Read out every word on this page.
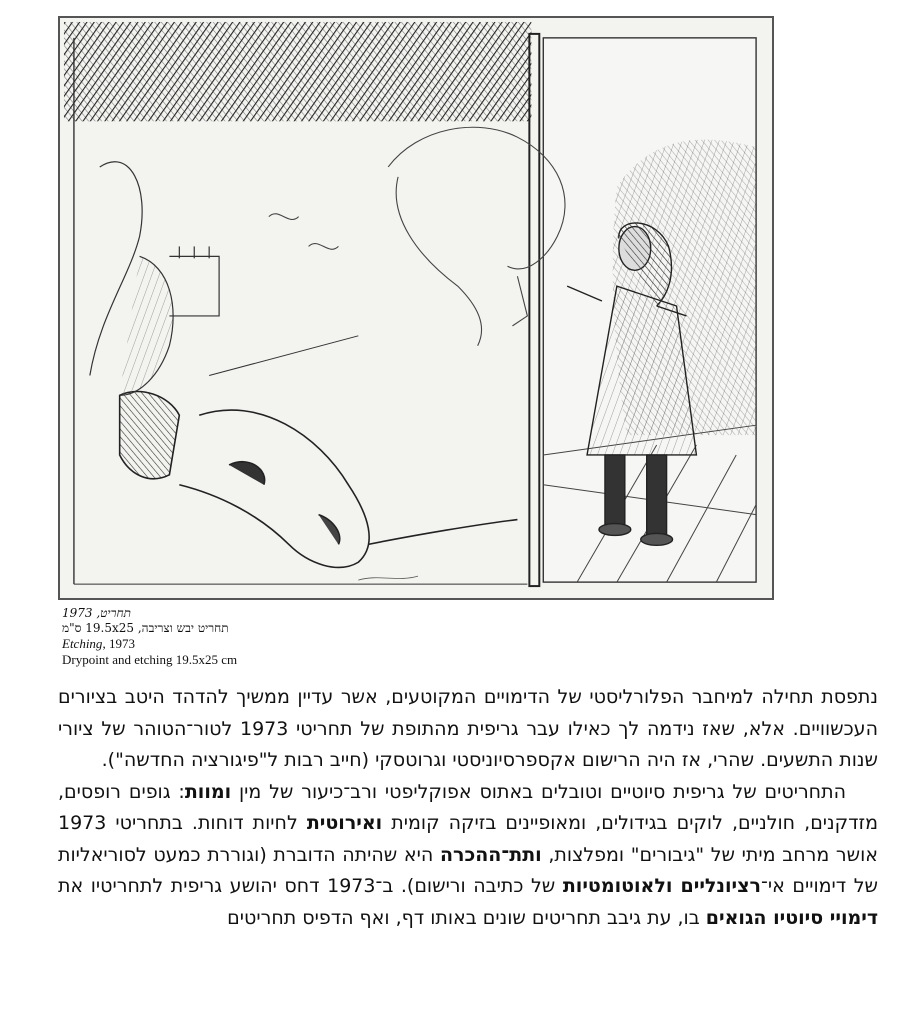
תחריט, 1973
תחריט יבש וצריבה, 19.5x25 ס"מ
Etching, 1973
Drypoint and etching 19.5x25 cm

נתפסת תחילה למיחבר הפלורליסטי של הדימויים המקוטעים, אשר עדיין ממשיך להדהד היטב בציורים העכשוויים. אלא, שאז נידמה לך כאילו עבר גריפית מהתופת של תחריטי 1973 לטור־הטוהר של ציורי שנות התשעים. שהרי, אז היה הרישום אקספרסיוניסטי וגרוטסקי (חייב רבות ל"פיגורציה החדשה").

התחריטים של גריפית סיוטיים וטובלים באתוס אפוקליפטי ורב־כיעור של מין ומוות: גופים רופסים, מזדקנים, חולניים, לוקים בגידולים, ומאופיינים בזיקה קומית ואירוטית לחיות דוחות. בתחריטי 1973 אושר מרחב מיתי של "גיבורים" ומפלצות, ותת־ההכרה היא שהיתה הדוברת (וגוררת כמעט לסוריאליות של דימויים אי־רציונליים ולאוטומטיות של כתיבה ורישום). ב־1973 דחס יהושע גריפית לתחריטיו את דימויי סיוטיו הגואים בו, עת גיבב תחריטים שונים באותו דף, ואף הדפיס תחריטים
